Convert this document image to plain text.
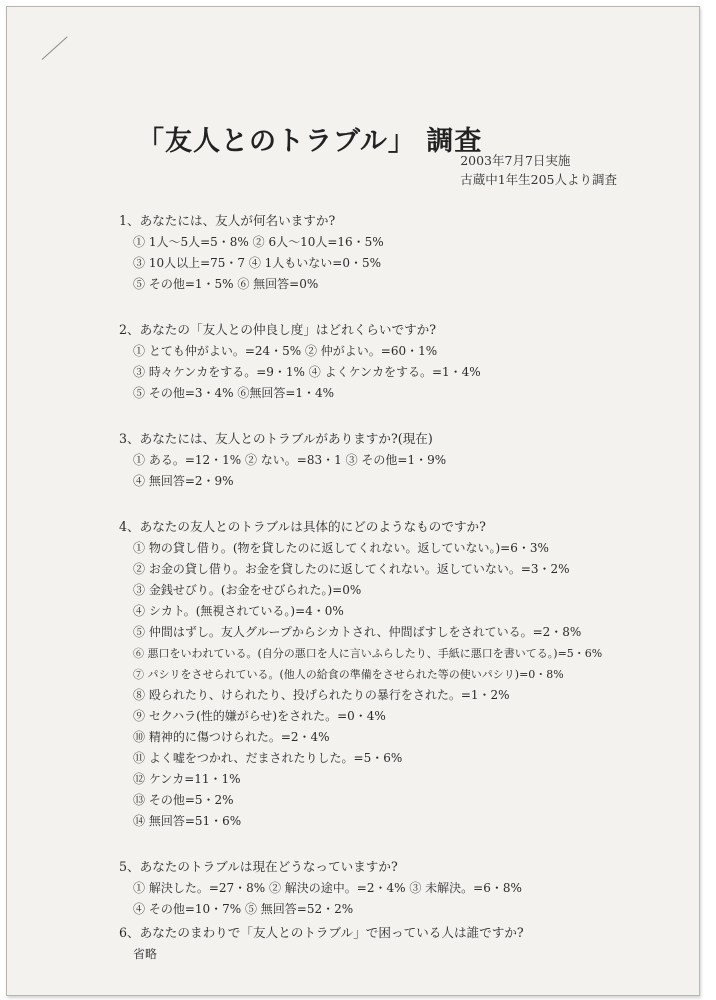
「友人とのトラブル」 調査
2003年7月7日実施
古蔵中1年生205人より調査
1、あなたには、友人が何名いますか?
① 1人〜5人=5・8% ② 6人〜10人=16・5%
③ 10人以上=75・7 ④ 1人もいない=0・5%
⑤ その他=1・5% ⑥ 無回答=0%
2、あなたの「友人との仲良し度」はどれくらいですか?
① とても仲がよい。=24・5% ② 仲がよい。=60・1%
③ 時々ケンカをする。=9・1% ④ よくケンカをする。=1・4%
⑤ その他=3・4% ⑥無回答=1・4%
3、あなたには、友人とのトラブルがありますか?(現在)
① ある。=12・1% ② ない。=83・1 ③ その他=1・9%
④ 無回答=2・9%
4、あなたの友人とのトラブルは具体的にどのようなものですか?
① 物の貸し借り。(物を貸したのに返してくれない。返していない。)=6・3%
② お金の貸し借り。お金を貸したのに返してくれない。返していない。=3・2%
③ 金銭せびり。(お金をせびられた。)=0%
④ シカト。(無視されている。)=4・0%
⑤ 仲間はずし。友人グループからシカトされ、仲間ばすしをされている。=2・8%
⑥ 悪口をいわれている。(自分の悪口を人に言いふらしたり、手紙に悪口を書いてる。)=5・6%
⑦ パシリをさせられている。(他人の給食の準備をさせられた等の使いパシリ)=0・8%
⑧ 殴られたり、けられたり、投げられたりの暴行をされた。=1・2%
⑨ セクハラ(性的嫌がらせ)をされた。=0・4%
⑩ 精神的に傷つけられた。=2・4%
⑪ よく嘘をつかれ、だまされたりした。=5・6%
⑫ ケンカ=11・1%
⑬ その他=5・2%
⑭ 無回答=51・6%
5、あなたのトラブルは現在どうなっていますか?
① 解決した。=27・8% ② 解決の途中。=2・4% ③ 未解決。=6・8%
④ その他=10・7% ⑤ 無回答=52・2%
6、あなたのまわりで「友人とのトラブル」で困っている人は誰ですか?
省略
